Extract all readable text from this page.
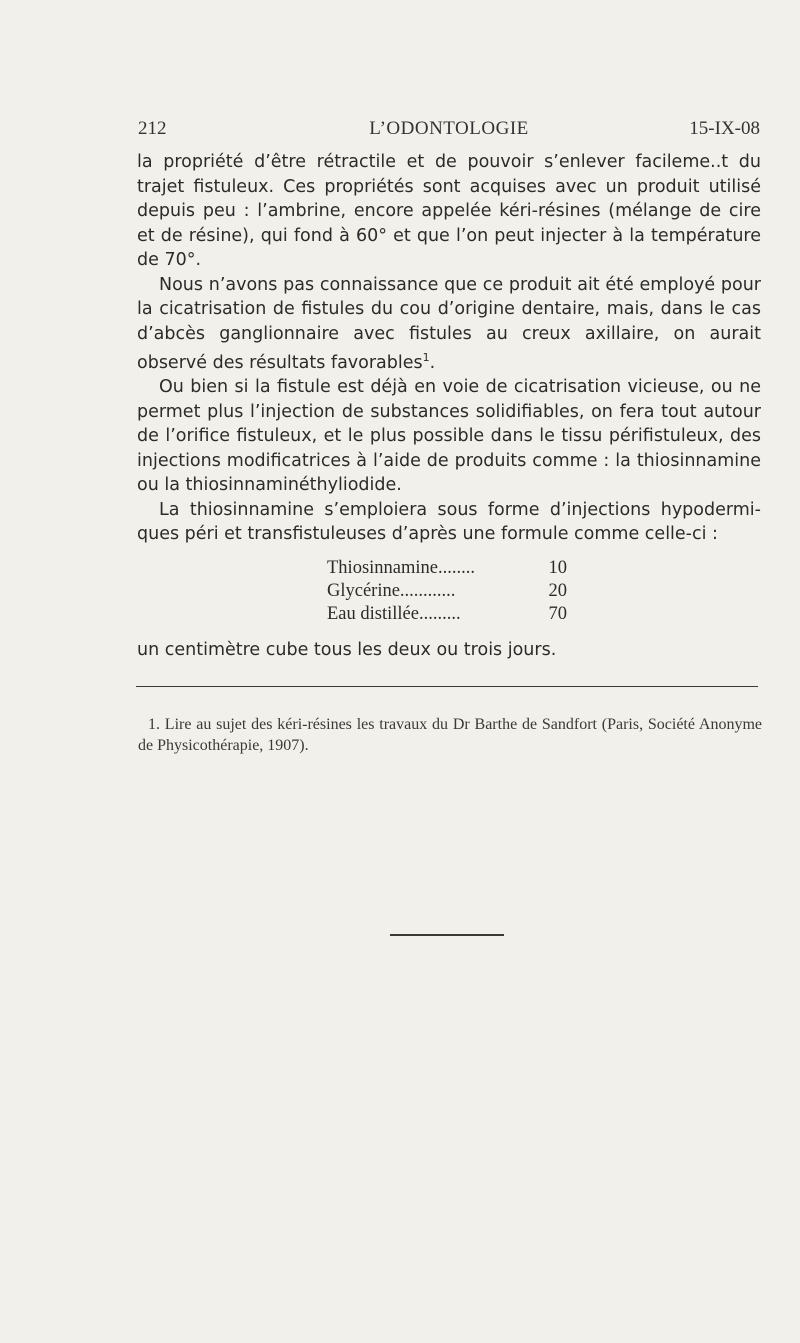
212	L’ODONTOLOGIE	15-IX-08

la propriété d’être rétractile et de pouvoir s’enlever facileme..t du trajet fistuleux. Ces propriétés sont acquises avec un produit utilisé depuis peu : l’ambrine, encore appelée kéri-résines (mélange de cire et de résine), qui fond à 60° et que l’on peut injecter à la température de 70°.

Nous n’avons pas connaissance que ce produit ait été employé pour la cicatrisation de fistules du cou d’origine dentaire, mais, dans le cas d’abcès ganglionnaire avec fistules au creux axillaire, on aurait observé des résultats favorables$^1$.

Ou bien si la fistule est déjà en voie de cicatrisation vicieuse, ou ne permet plus l’injection de substances solidifiables, on fera tout autour de l’orifice fistuleux, et le plus possible dans le tissu périfistuleux, des injections modificatrices à l’aide de produits comme : la thiosinnamine ou la thiosinnaminéthyliodide.

La thiosinnamine s’emploiera sous forme d’injections hypodermiques péri et transfistuleuses d’après une formule comme celle-ci :

Thiosinnamine........	10
Glycérine............	20
Eau distillée.........	70

un centimètre cube tous les deux ou trois jours.

1. Lire au sujet des kéri-résines les travaux du Dr Barthe de Sandfort (Paris, Société Anonyme de Physicothérapie, 1907).
